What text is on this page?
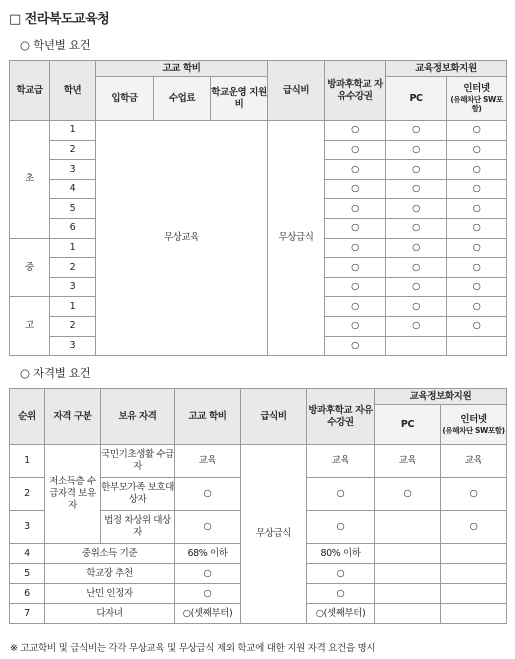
□ 전라북도교육청
○ 학년별 요건
학교급	학년	고교 학비			급식비	방과후학교 자유수강권	교육정보화지원	
		입학금	수업료	학교운영 지원비			PC	인터넷
(유해차단 SW포함)

초	1	무상교육			무상급식	○	○	○
	2					○	○	○
	3					○	○	○
	4					○	○	○
	5					○	○	○
	6					○	○	○
중	1					○	○	○
	2					○	○	○
	3					○	○	○
고	1					○	○	○
	2					○	○	○
	3					○		
○ 자격별 요건
순위	자격 구분	보유 자격	고교 학비	급식비	방과후학교 자유수강권	교육정보화지원	
						PC	인터넷
(유해차단 SW포함)

1	저소득층 수급자격 보유자	국민기초생활 수급자	교육	무상급식	교육	교육	교육
2		한부모가족 보호대상자	○		○	○	○
3		법정 차상위 대상자	○		○		○
4	중위소득 기준		68% 이하		80% 이하		
5	학교장 추천		○		○		
6	난민 인정자		○		○		
7	다자녀		○(셋째부터)		○(셋째부터)		
※ 고교학비 및 급식비는 각각 무상교육 및 무상급식 제외 학교에 대한 지원 자격 요건을 명시
